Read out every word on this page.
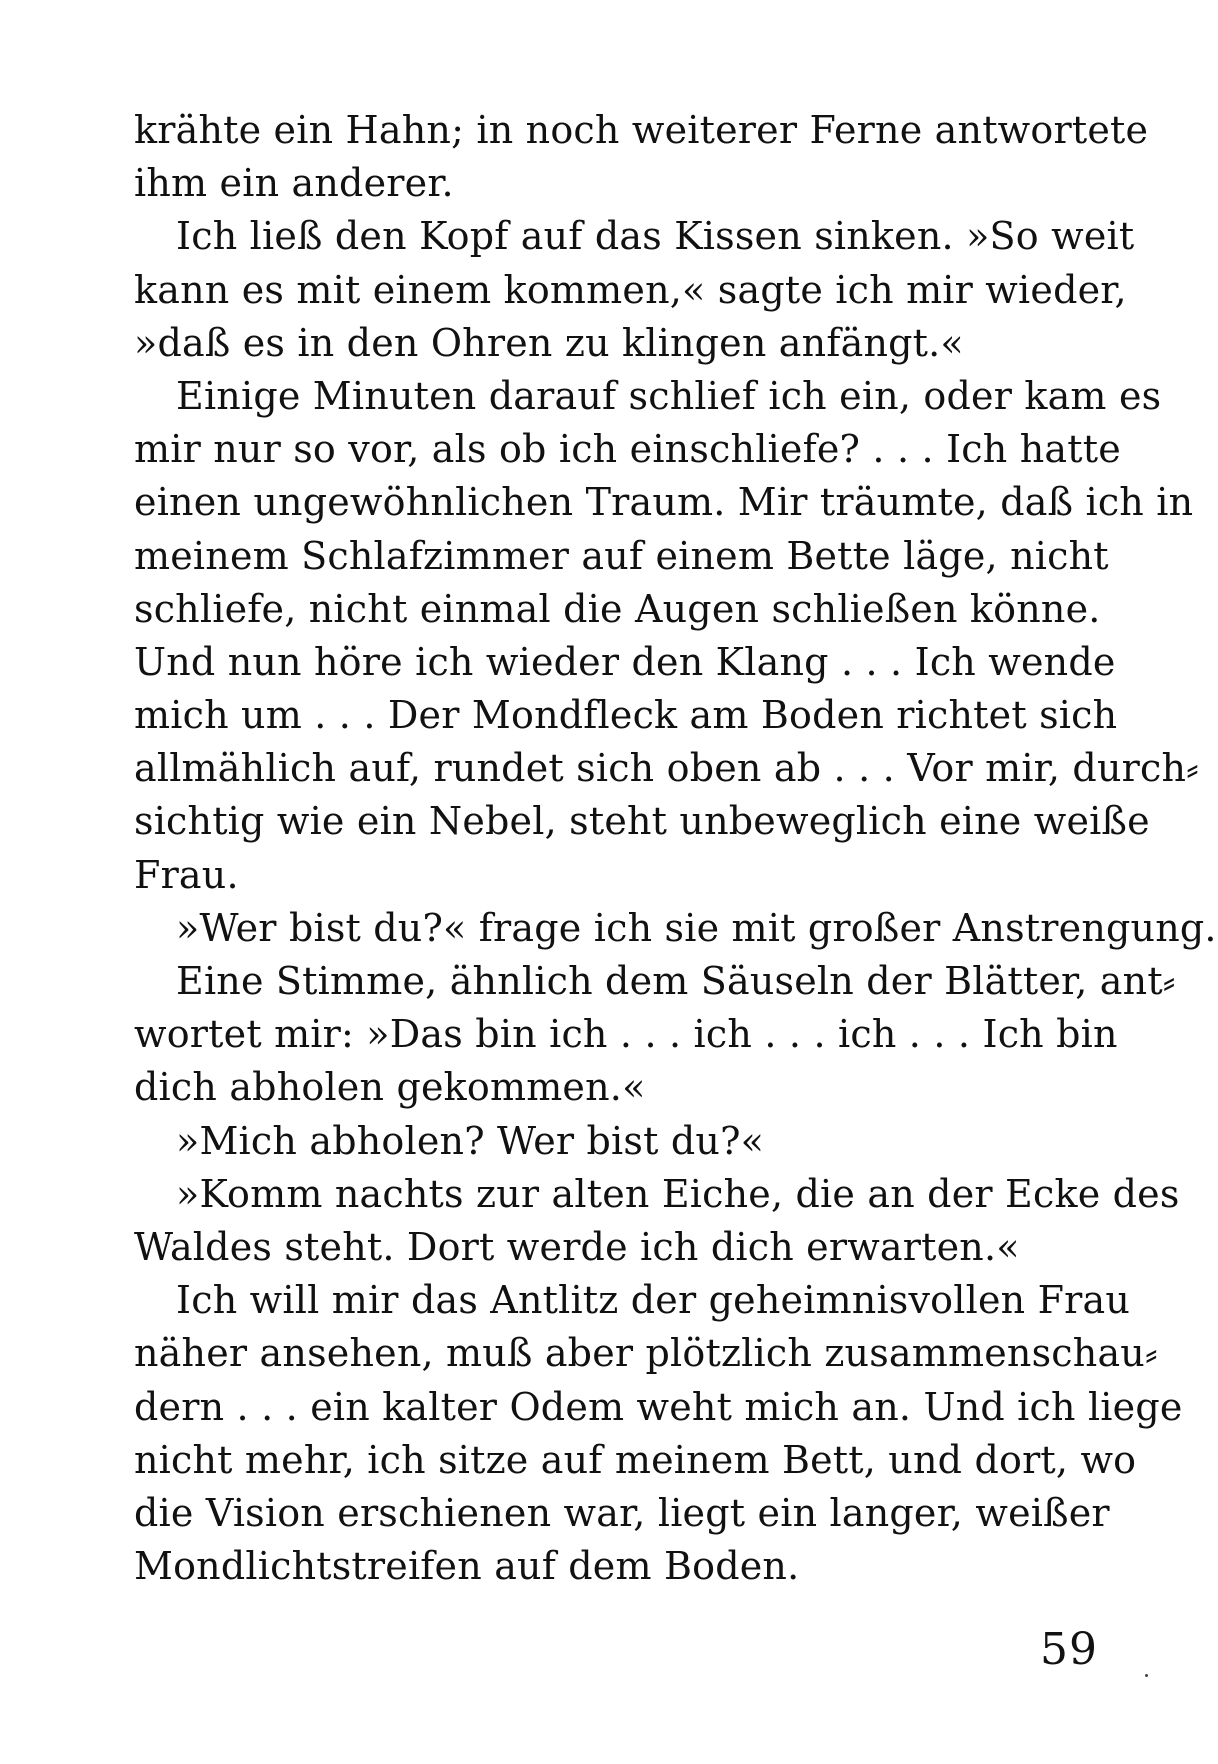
krähte ein Hahn; in noch weiterer Ferne antwortete
ihm ein anderer.
Ich ließ den Kopf auf das Kissen sinken. »So weit
kann es mit einem kommen,« sagte ich mir wieder,
»daß es in den Ohren zu klingen anfängt.«
Einige Minuten darauf schlief ich ein, oder kam es
mir nur so vor, als ob ich einschliefe? . . . Ich hatte
einen ungewöhnlichen Traum. Mir träumte, daß ich in
meinem Schlafzimmer auf einem Bette läge, nicht
schliefe, nicht einmal die Augen schließen könne.
Und nun höre ich wieder den Klang . . . Ich wende
mich um . . . Der Mondfleck am Boden richtet sich
allmählich auf, rundet sich oben ab . . . Vor mir, durch⸗
sichtig wie ein Nebel, steht unbeweglich eine weiße
Frau.
»Wer bist du?« frage ich sie mit großer Anstrengung.
Eine Stimme, ähnlich dem Säuseln der Blätter, ant⸗
wortet mir: »Das bin ich . . . ich . . . ich . . . Ich bin
dich abholen gekommen.«
»Mich abholen? Wer bist du?«
»Komm nachts zur alten Eiche, die an der Ecke des
Waldes steht. Dort werde ich dich erwarten.«
Ich will mir das Antlitz der geheimnisvollen Frau
näher ansehen, muß aber plötzlich zusammenschau⸗
dern . . . ein kalter Odem weht mich an. Und ich liege
nicht mehr, ich sitze auf meinem Bett, und dort, wo
die Vision erschienen war, liegt ein langer, weißer
Mondlichtstreifen auf dem Boden.
59
